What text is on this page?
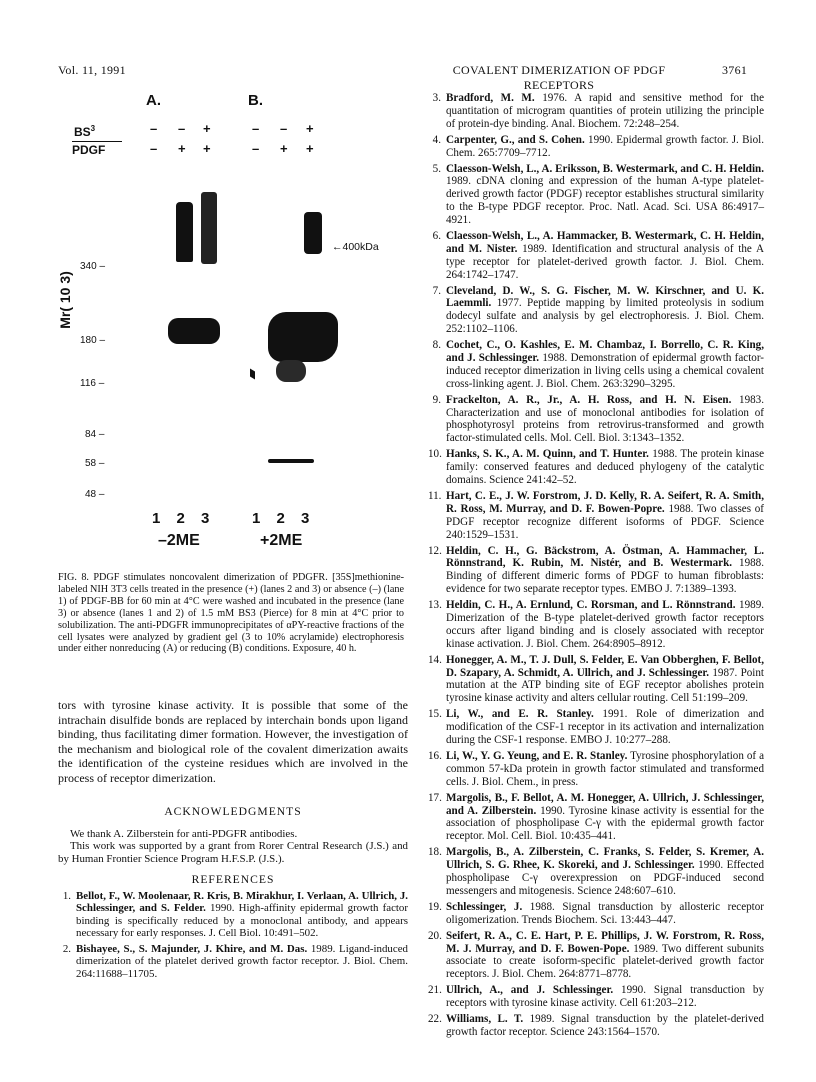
Vol. 11, 1991	COVALENT DIMERIZATION OF PDGF RECEPTORS
3761
A.	B.
$BS^3$
PDGF
– – +	– – +
– + +	– + +
Mr( 10 3)
340 –
180 –
116 –
84 –
58 –
48 –
←400kDa
1 2 3	1 2 3
–2ME	+2ME
FIG. 8. PDGF stimulates noncovalent dimerization of PDGFR. [35S]methionine-labeled NIH 3T3 cells treated in the presence (+) (lanes 2 and 3) or absence (–) (lane 1) of PDGF-BB for 60 min at 4°C were washed and incubated in the presence (lane 3) or absence (lanes 1 and 2) of 1.5 mM BS3 (Pierce) for 8 min at 4°C prior to solubilization. The anti-PDGFR immunoprecipitates of αPY-reactive fractions of the cell lysates were analyzed by gradient gel (3 to 10% acrylamide) electrophoresis under either nonreducing (A) or reducing (B) conditions. Exposure, 40 h.
tors with tyrosine kinase activity. It is possible that some of the intrachain disulfide bonds are replaced by interchain bonds upon ligand binding, thus facilitating dimer formation. However, the investigation of the mechanism and biological role of the covalent dimerization awaits the identification of the cysteine residues which are involved in the process of receptor dimerization.
ACKNOWLEDGMENTS

We thank A. Zilberstein for anti-PDGFR antibodies.

This work was supported by a grant from Rorer Central Research (J.S.) and by Human Frontier Science Program H.F.S.P. (J.S.).

REFERENCES
1. Bellot, F., W. Moolenaar, R. Kris, B. Mirakhur, I. Verlaan, A. Ullrich, J. Schlessinger, and S. Felder. 1990. High-affinity epidermal growth factor binding is specifically reduced by a monoclonal antibody, and appears necessary for early responses. J. Cell Biol. 10:491–502.
2. Bishayee, S., S. Majunder, J. Khire, and M. Das. 1989. Ligand-induced dimerization of the platelet derived growth factor receptor. J. Biol. Chem. 264:11688–11705.
3. Bradford, M. M. 1976. A rapid and sensitive method for the quantitation of microgram quantities of protein utilizing the principle of protein-dye binding. Anal. Biochem. 72:248–254.
4. Carpenter, G., and S. Cohen. 1990. Epidermal growth factor. J. Biol. Chem. 265:7709–7712.
5. Claesson-Welsh, L., A. Eriksson, B. Westermark, and C. H. Heldin. 1989. cDNA cloning and expression of the human A-type platelet-derived growth factor (PDGF) receptor establishes structural similarity to the B-type PDGF receptor. Proc. Natl. Acad. Sci. USA 86:4917–4921.
6. Claesson-Welsh, L., A. Hammacker, B. Westermark, C. H. Heldin, and M. Nister. 1989. Identification and structural analysis of the A type receptor for platelet-derived growth factor. J. Biol. Chem. 264:1742–1747.
7. Cleveland, D. W., S. G. Fischer, M. W. Kirschner, and U. K. Laemmli. 1977. Peptide mapping by limited proteolysis in sodium dodecyl sulfate and analysis by gel electrophoresis. J. Biol. Chem. 252:1102–1106.
8. Cochet, C., O. Kashles, E. M. Chambaz, I. Borrello, C. R. King, and J. Schlessinger. 1988. Demonstration of epidermal growth factor-induced receptor dimerization in living cells using a chemical covalent cross-linking agent. J. Biol. Chem. 263:3290–3295.
9. Frackelton, A. R., Jr., A. H. Ross, and H. N. Eisen. 1983. Characterization and use of monoclonal antibodies for isolation of phosphotyrosyl proteins from retrovirus-transformed and growth factor-stimulated cells. Mol. Cell. Biol. 3:1343–1352.
10. Hanks, S. K., A. M. Quinn, and T. Hunter. 1988. The protein kinase family: conserved features and deduced phylogeny of the catalytic domains. Science 241:42–52.
11. Hart, C. E., J. W. Forstrom, J. D. Kelly, R. A. Seifert, R. A. Smith, R. Ross, M. Murray, and D. F. Bowen-Popre. 1988. Two classes of PDGF receptor recognize different isoforms of PDGF. Science 240:1529–1531.
12. Heldin, C. H., G. Bäckstrom, A. Östman, A. Hammacher, L. Rönnstrand, K. Rubin, M. Nistér, and B. Westermark. 1988. Binding of different dimeric forms of PDGF to human fibroblasts: evidence for two separate receptor types. EMBO J. 7:1389–1393.
13. Heldin, C. H., A. Ernlund, C. Rorsman, and L. Rönnstrand. 1989. Dimerization of the B-type platelet-derived growth factor receptors occurs after ligand binding and is closely associated with receptor kinase activation. J. Biol. Chem. 264:8905–8912.
14. Honegger, A. M., T. J. Dull, S. Felder, E. Van Obberghen, F. Bellot, D. Szapary, A. Schmidt, A. Ullrich, and J. Schlessinger. 1987. Point mutation at the ATP binding site of EGF receptor abolishes protein tyrosine kinase activity and alters cellular routing. Cell 51:199–209.
15. Li, W., and E. R. Stanley. 1991. Role of dimerization and modification of the CSF-1 receptor in its activation and internalization during the CSF-1 response. EMBO J. 10:277–288.
16. Li, W., Y. G. Yeung, and E. R. Stanley. Tyrosine phosphorylation of a common 57-kDa protein in growth factor stimulated and transformed cells. J. Biol. Chem., in press.
17. Margolis, B., F. Bellot, A. M. Honegger, A. Ullrich, J. Schlessinger, and A. Zilberstein. 1990. Tyrosine kinase activity is essential for the association of phospholipase C-γ with the epidermal growth factor receptor. Mol. Cell. Biol. 10:435–441.
18. Margolis, B., A. Zilberstein, C. Franks, S. Felder, S. Kremer, A. Ullrich, S. G. Rhee, K. Skoreki, and J. Schlessinger. 1990. Effected phospholipase C-γ overexpression on PDGF-induced second messengers and mitogenesis. Science 248:607–610.
19. Schlessinger, J. 1988. Signal transduction by allosteric receptor oligomerization. Trends Biochem. Sci. 13:443–447.
20. Seifert, R. A., C. E. Hart, P. E. Phillips, J. W. Forstrom, R. Ross, M. J. Murray, and D. F. Bowen-Pope. 1989. Two different subunits associate to create isoform-specific platelet-derived growth factor receptors. J. Biol. Chem. 264:8771–8778.
21. Ullrich, A., and J. Schlessinger. 1990. Signal transduction by receptors with tyrosine kinase activity. Cell 61:203–212.
22. Williams, L. T. 1989. Signal transduction by the platelet-derived growth factor receptor. Science 243:1564–1570.
